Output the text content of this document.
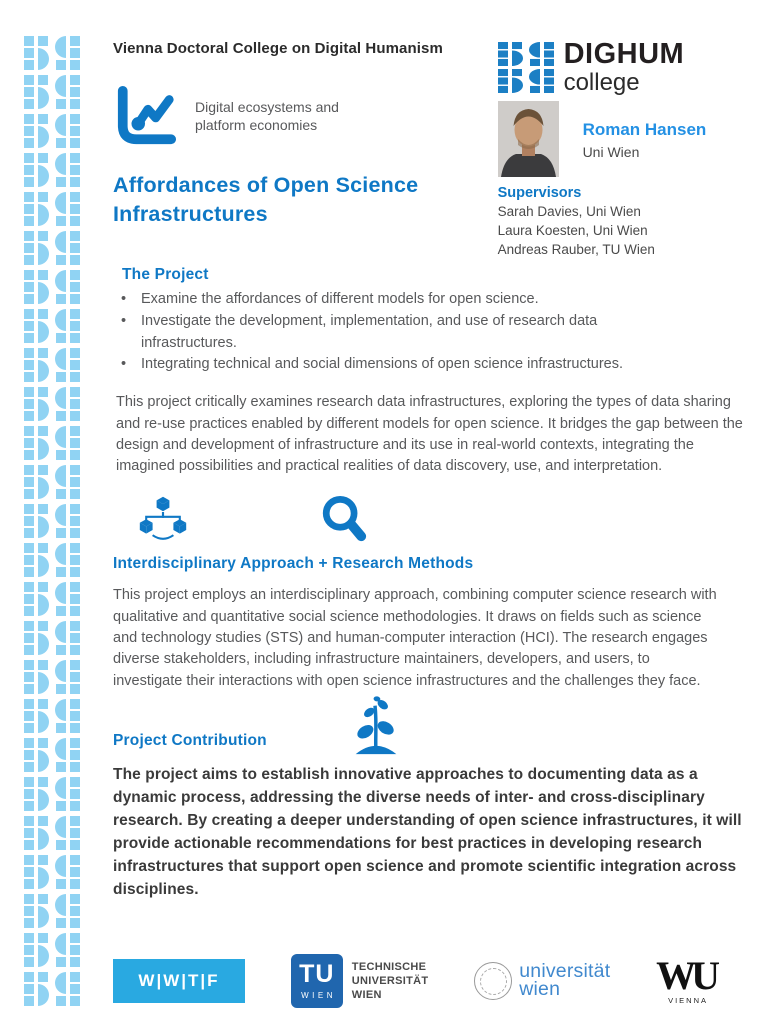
Vienna Doctoral College on Digital Humanism
Digital ecosystems and platform economies
Affordances of Open Science Infrastructures
DIGHUM
college
Roman Hansen
Uni Wien
Supervisors
Sarah Davies, Uni Wien
Laura Koesten, Uni Wien
Andreas Rauber, TU Wien
The Project
• Examine the affordances of different models for open science.
• Investigate the development, implementation, and use of research data infrastructures.
• Integrating technical and social dimensions of open science infrastructures.

This project critically examines research data infrastructures, exploring the types of data sharing and re-use practices enabled by different models for open science. It bridges the gap between the design and development of infrastructure and its use in real-world contexts, integrating the imagined possibilities and practical realities of data discovery, use, and interpretation.

Interdisciplinary Approach + Research Methods

This project employs an interdisciplinary approach, combining computer science research with qualitative and quantitative social science methodologies. It draws on fields such as science and technology studies (STS) and human-computer interaction (HCI). The research engages diverse stakeholders, including infrastructure maintainers, developers, and users, to investigate their interactions with open science infrastructures and the challenges they face.

Project Contribution

The project aims to establish innovative approaches to documenting data as a dynamic process, addressing the diverse needs of inter- and cross-disciplinary research. By creating a deeper understanding of open science infrastructures, it will provide actionable recommendations for best practices in developing research infrastructures that support open science and promote scientific integration across disciplines.

W|W|T|F	TU
WIEN
TECHNISCHE
UNIVERSITÄT
WIEN
universität
wien	WU
VIENNA
